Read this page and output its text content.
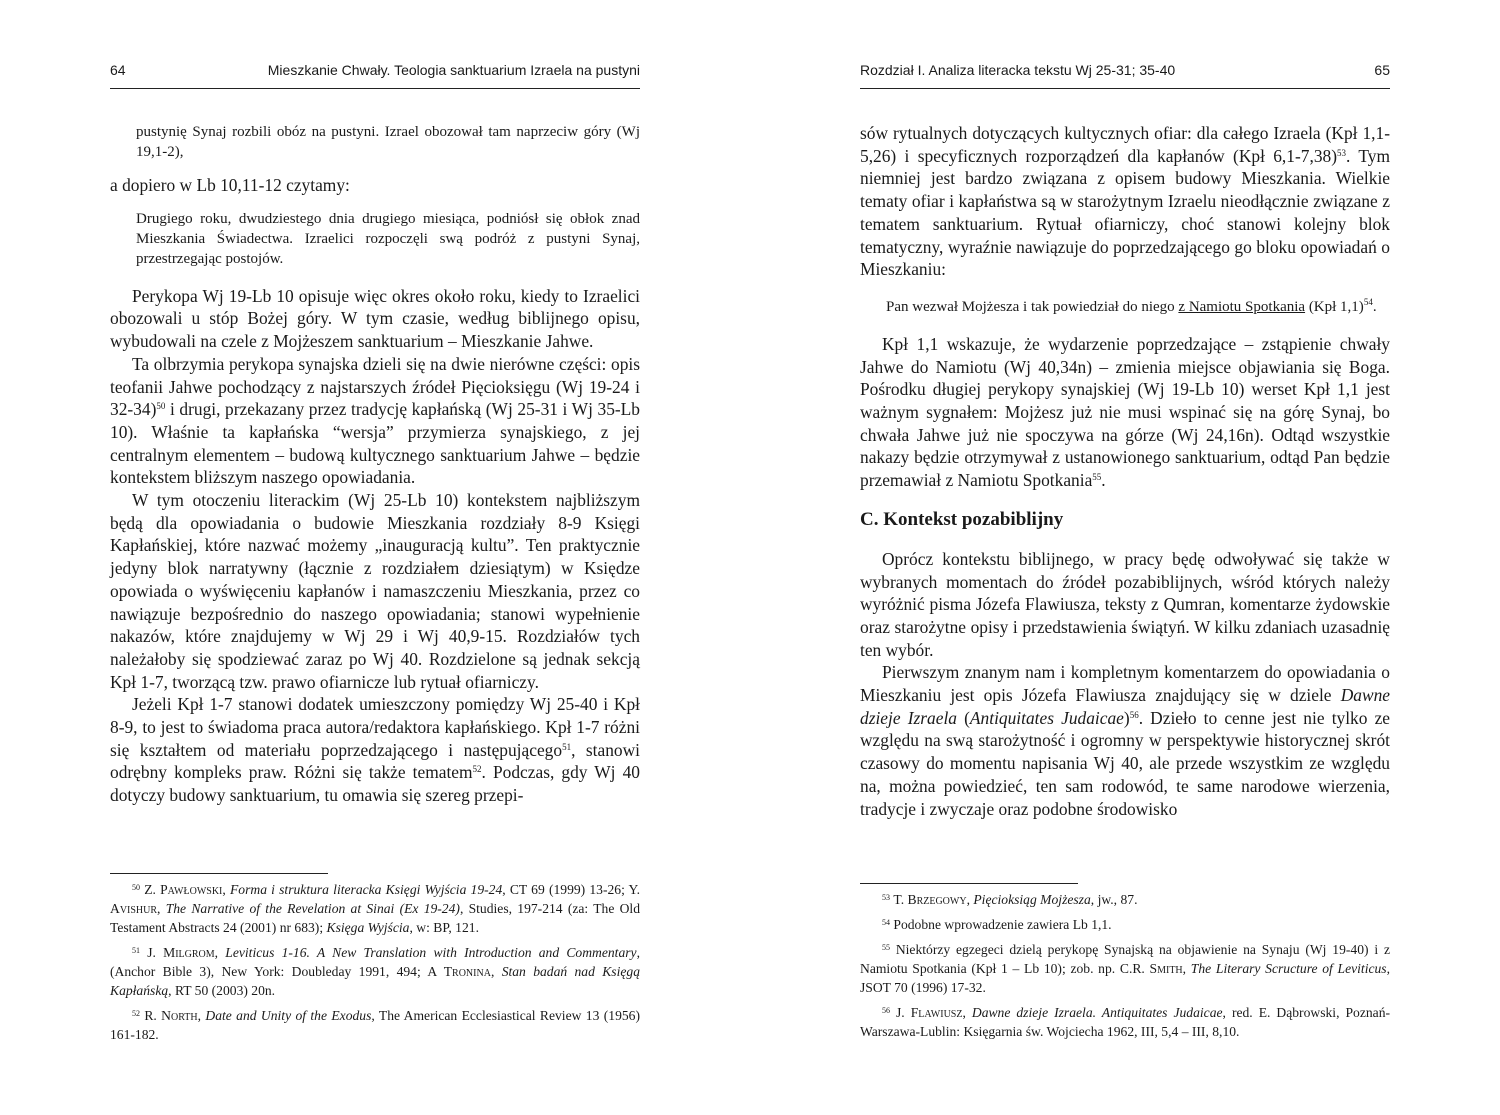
64	Mieszkanie Chwały. Teologia sanktuarium Izraela na pustyni
pustynię Synaj rozbili obóz na pustyni. Izrael obozował tam naprzeciw góry (Wj 19,1-2),

a dopiero w Lb 10,11-12 czytamy:

Drugiego roku, dwudziestego dnia drugiego miesiąca, podniósł się obłok znad Mieszkania Świadectwa. Izraelici rozpoczęli swą podróż z pustyni Synaj, przestrzegając postojów.

Perykopa Wj 19-Lb 10 opisuje więc okres około roku, kiedy to Izraelici obozowali u stóp Bożej góry. W tym czasie, według biblijnego opisu, wybudowali na czele z Mojżeszem sanktuarium – Mieszkanie Jahwe.

Ta olbrzymia perykopa synajska dzieli się na dwie nierówne części: opis teofanii Jahwe pochodzący z najstarszych źródeł Pięcioksięgu (Wj 19-24 i 32-34)$^{50}$ i drugi, przekazany przez tradycję kapłańską (Wj 25-31 i Wj 35-Lb 10). Właśnie ta kapłańska “wersja” przymierza synajskiego, z jej centralnym elementem – budową kultycznego sanktuarium Jahwe – będzie kontekstem bliższym naszego opowiadania.

W tym otoczeniu literackim (Wj 25-Lb 10) kontekstem najbliższym będą dla opowiadania o budowie Mieszkania rozdziały 8-9 Księgi Kapłańskiej, które nazwać możemy „inauguracją kultu”. Ten praktycznie jedyny blok narratywny (łącznie z rozdziałem dziesiątym) w Księdze opowiada o wyświęceniu kapłanów i namaszczeniu Mieszkania, przez co nawiązuje bezpośrednio do naszego opowiadania; stanowi wypełnienie nakazów, które znajdujemy w Wj 29 i Wj 40,9-15. Rozdziałów tych należałoby się spodziewać zaraz po Wj 40. Rozdzielone są jednak sekcją Kpł 1-7, tworzącą tzw. prawo ofiarnicze lub rytuał ofiarniczy.

Jeżeli Kpł 1-7 stanowi dodatek umieszczony pomiędzy Wj 25-40 i Kpł 8-9, to jest to świadoma praca autora/redaktora kapłańskiego. Kpł 1-7 różni się kształtem od materiału poprzedzającego i następującego$^{51}$, stanowi odrębny kompleks praw. Różni się także tematem$^{52}$. Podczas, gdy Wj 40 dotyczy budowy sanktuarium, tu omawia się szereg przepi-

$^{50}$ Z. Pawłowski, Forma i struktura literacka Księgi Wyjścia 19-24, CT 69 (1999) 13-26; Y. Avishur, The Narrative of the Revelation at Sinai (Ex 19-24), Studies, 197-214 (za: The Old Testament Abstracts 24 (2001) nr 683); Księga Wyjścia, w: BP, 121.

$^{51}$ J. Milgrom, Leviticus 1-16. A New Translation with Introduction and Commentary, (Anchor Bible 3), New York: Doubleday 1991, 494; A Tronina, Stan badań nad Księgą Kapłańską, RT 50 (2003) 20n.

$^{52}$ R. North, Date and Unity of the Exodus, The American Ecclesiastical Review 13 (1956) 161-182.

Rozdział I. Analiza literacka tekstu Wj 25-31; 35-40	65

sów rytualnych dotyczących kultycznych ofiar: dla całego Izraela (Kpł 1,1-5,26) i specyficznych rozporządzeń dla kapłanów (Kpł 6,1-7,38)$^{53}$. Tym niemniej jest bardzo związana z opisem budowy Mieszkania. Wielkie tematy ofiar i kapłaństwa są w starożytnym Izraelu nieodłącznie związane z tematem sanktuarium. Rytuał ofiarniczy, choć stanowi kolejny blok tematyczny, wyraźnie nawiązuje do poprzedzającego go bloku opowiadań o Mieszkaniu:

Pan wezwał Mojżesza i tak powiedział do niego z Namiotu Spotkania (Kpł 1,1)$^{54}$.

Kpł 1,1 wskazuje, że wydarzenie poprzedzające – zstąpienie chwały Jahwe do Namiotu (Wj 40,34n) – zmienia miejsce objawiania się Boga. Pośrodku długiej perykopy synajskiej (Wj 19-Lb 10) werset Kpł 1,1 jest ważnym sygnałem: Mojżesz już nie musi wspinać się na górę Synaj, bo chwała Jahwe już nie spoczywa na górze (Wj 24,16n). Odtąd wszystkie nakazy będzie otrzymywał z ustanowionego sanktuarium, odtąd Pan będzie przemawiał z Namiotu Spotkania$^{55}$.

C. Kontekst pozabiblijny

Oprócz kontekstu biblijnego, w pracy będę odwoływać się także w wybranych momentach do źródeł pozabiblijnych, wśród których należy wyróżnić pisma Józefa Flawiusza, teksty z Qumran, komentarze żydowskie oraz starożytne opisy i przedstawienia świątyń. W kilku zdaniach uzasadnię ten wybór.

Pierwszym znanym nam i kompletnym komentarzem do opowiadania o Mieszkaniu jest opis Józefa Flawiusza znajdujący się w dziele Dawne dzieje Izraela (Antiquitates Judaicae)$^{56}$. Dzieło to cenne jest nie tylko ze względu na swą starożytność i ogromny w perspektywie historycznej skrót czasowy do momentu napisania Wj 40, ale przede wszystkim ze względu na, można powiedzieć, ten sam rodowód, te same narodowe wierzenia, tradycje i zwyczaje oraz podobne środowisko

$^{53}$ T. Brzegowy, Pięcioksiąg Mojżesza, jw., 87.

$^{54}$ Podobne wprowadzenie zawiera Lb 1,1.

$^{55}$ Niektórzy egzegeci dzielą perykopę Synajską na objawienie na Synaju (Wj 19-40) i z Namiotu Spotkania (Kpł 1 – Lb 10); zob. np. C.R. Smith, The Literary Scructure of Leviticus, JSOT 70 (1996) 17-32.

$^{56}$ J. Flawiusz, Dawne dzieje Izraela. Antiquitates Judaicae, red. E. Dąbrowski, Poznań-Warszawa-Lublin: Księgarnia św. Wojciecha 1962, III, 5,4 – III, 8,10.
